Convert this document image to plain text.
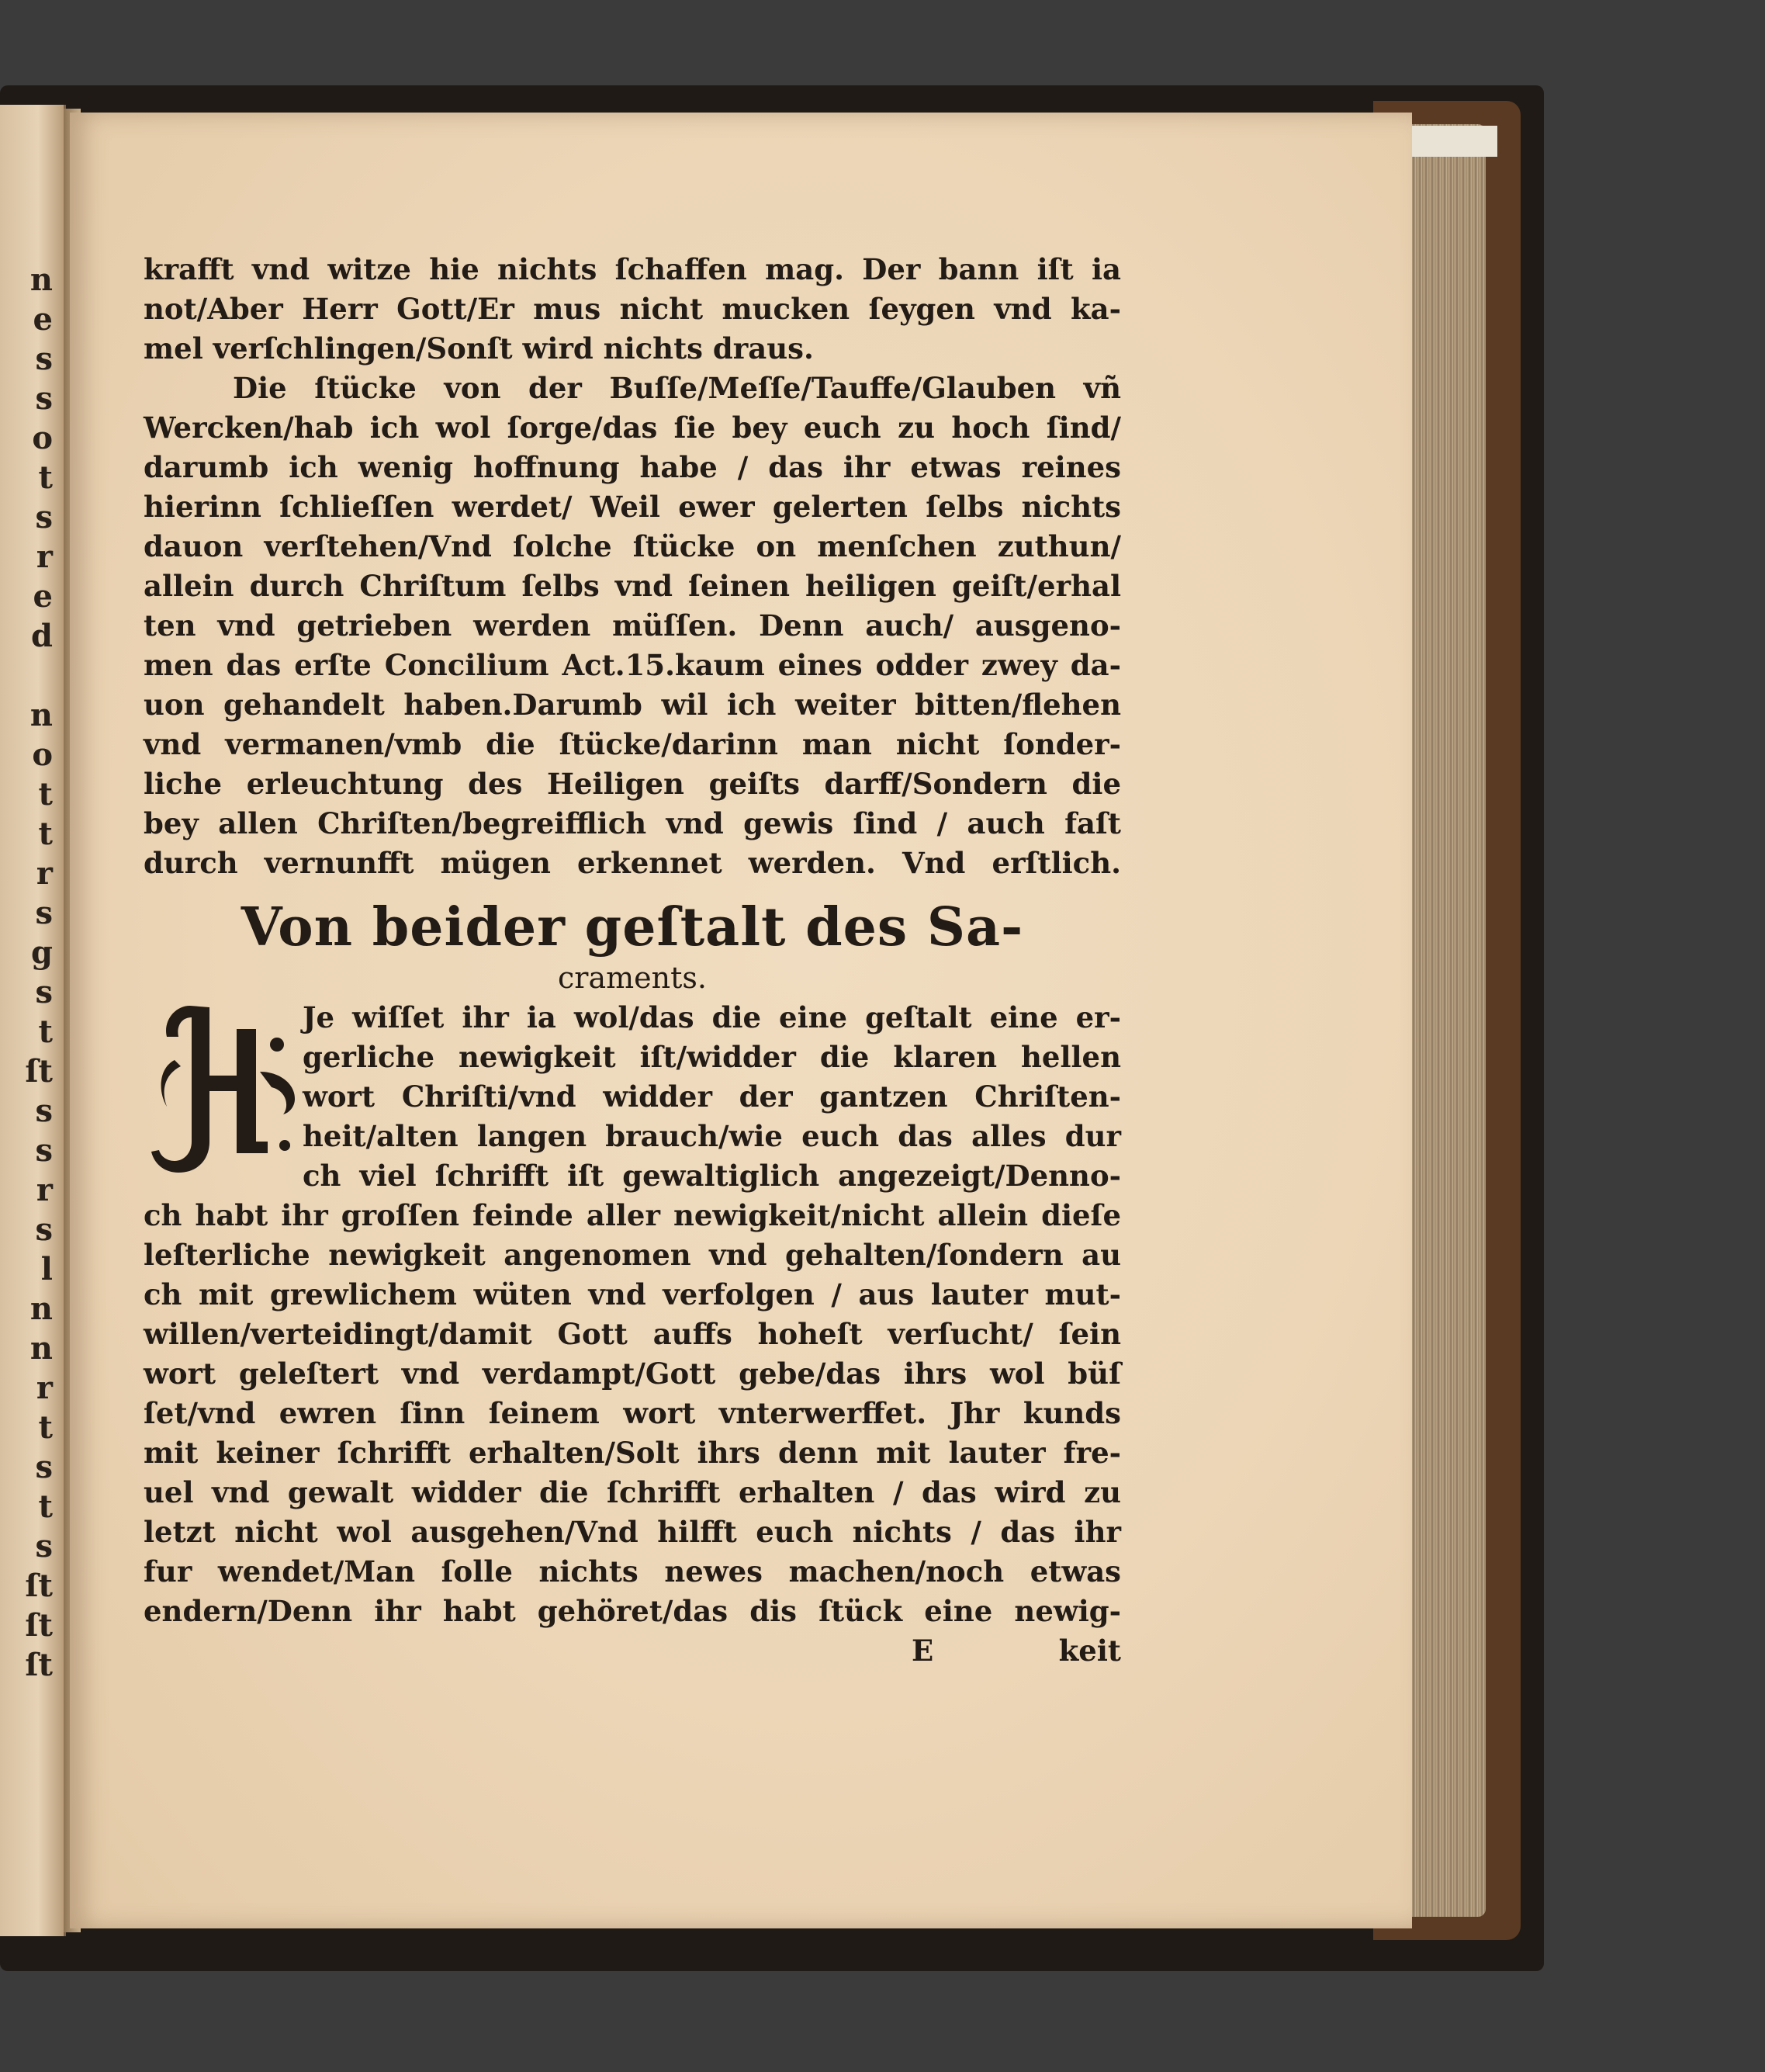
n
e
s
s
o
t
s
r
e
d
n
o
t
t
r
s
g
s
t
ſt
s
s
r
s
l
n
n
r
t
s
t
s
ſt
ſt
ſt
krafft vnd witze hie nichts ſchaffen mag. Der bann iſt ia
not/Aber Herr Gott/Er mus nicht mucken ſeygen vnd ka‑
mel verſchlingen/Sonſt wird nichts draus.
Die ſtücke von der Buſſe/Meſſe/Tauffe/Glauben vñ
Wercken/hab ich wol ſorge/das ſie bey euch zu hoch ſind/
darumb ich wenig hoffnung habe / das ihr etwas reines
hierinn ſchlieſſen werdet/ Weil ewer gelerten ſelbs nichts
dauon verſtehen/Vnd ſolche ſtücke on menſchen zuthun/
allein durch Chriſtum ſelbs vnd ſeinen heiligen geiſt/erhal
ten vnd getrieben werden müſſen. Denn auch/ ausgeno‑
men das erſte Concilium Act.15.kaum eines odder zwey da‑
uon gehandelt haben.Darumb wil ich weiter bitten/flehen
vnd vermanen/vmb die ſtücke/darinn man nicht ſonder‑
liche erleuchtung des Heiligen geiſts darff/Sondern die
bey allen Chriſten/begreifflich vnd gewis ſind / auch faſt
durch vernunfft mügen erkennet werden. Vnd erſtlich.
Von beider geſtalt des Sa‑
craments.
Je wiſſet ihr ia wol/das die eine geſtalt eine er‑
gerliche newigkeit iſt/widder die klaren hellen
wort Chriſti/vnd widder der gantzen Chriſten‑
heit/alten langen brauch/wie euch das alles dur
ch viel ſchrifft iſt gewaltiglich angezeigt/Denno‑
ch habt ihr groſſen feinde aller newigkeit/nicht allein dieſe
leſterliche newigkeit angenomen vnd gehalten/ſondern au
ch mit grewlichem wüten vnd verfolgen / aus lauter mut‑
willen/verteidingt/damit Gott auffs hoheſt verſucht/ ſein
wort geleſtert vnd verdampt/Gott gebe/das ihrs wol büſ
ſet/vnd ewren ſinn ſeinem wort vnterwerffet. Jhr kunds
mit keiner ſchrifft erhalten/Solt ihrs denn mit lauter fre‑
uel vnd gewalt widder die ſchrifft erhalten / das wird zu
letzt nicht wol ausgehen/Vnd hilfft euch nichts / das ihr
fur wendet/Man ſolle nichts newes machen/noch etwas
endern/Denn ihr habt gehöret/das dis ſtück eine newig‑
E	keit
